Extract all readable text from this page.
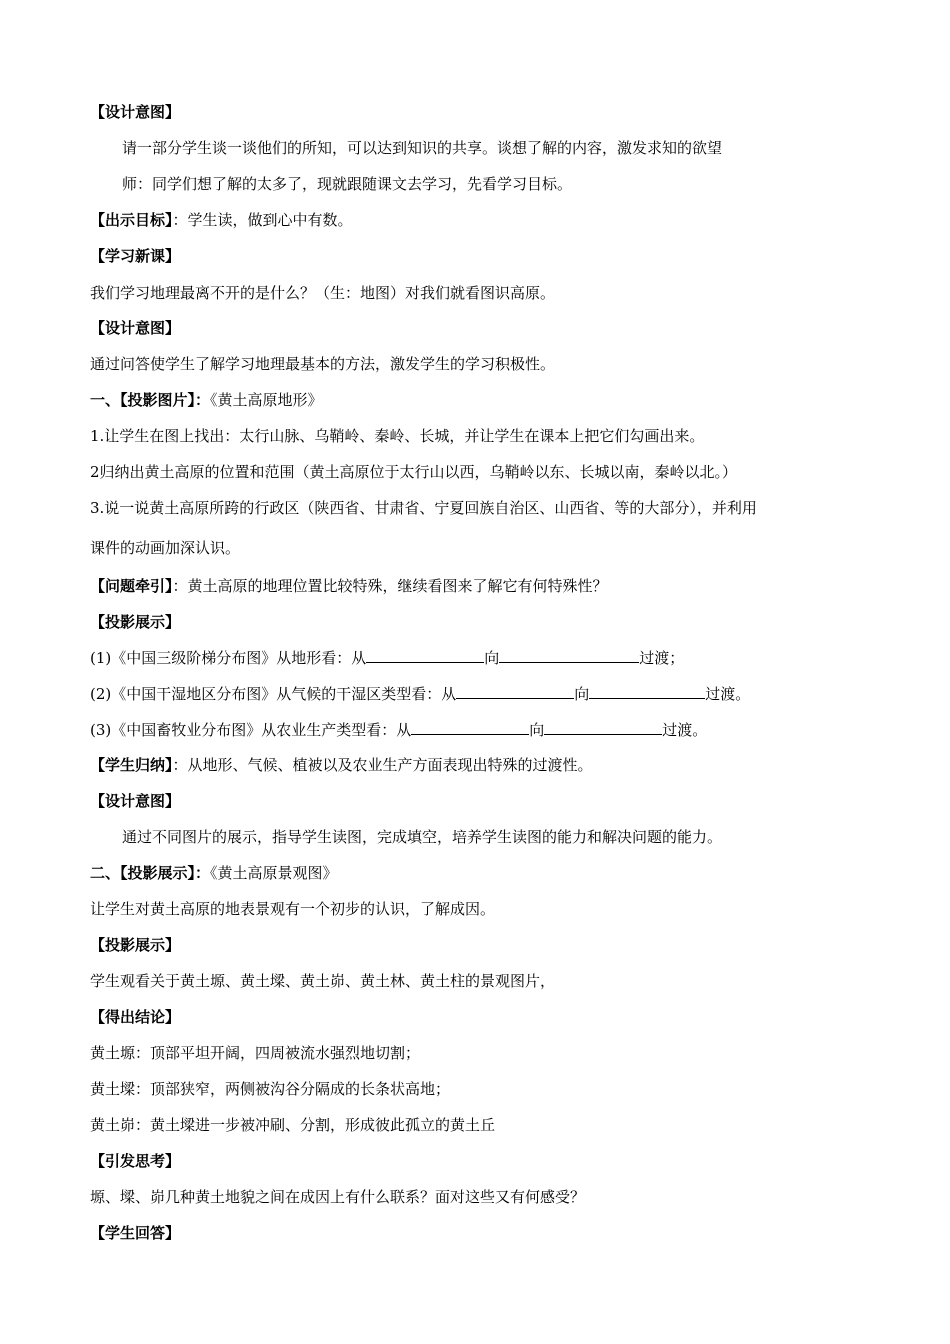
【设计意图】
请一部分学生谈一谈他们的所知，可以达到知识的共享。谈想了解的内容，激发求知的欲望
师：同学们想了解的太多了，现就跟随课文去学习，先看学习目标。
【出示目标】：学生读，做到心中有数。
【学习新课】
我们学习地理最离不开的是什么？（生：地图）对我们就看图识高原。
【设计意图】
通过问答使学生了解学习地理最基本的方法，激发学生的学习积极性。
一、【投影图片】：《黄土高原地形》
1.让学生在图上找出：太行山脉、乌鞘岭、秦岭、长城，并让学生在课本上把它们勾画出来。
2归纳出黄土高原的位置和范围（黄土高原位于太行山以西，乌鞘岭以东、长城以南，秦岭以北。）
3.说一说黄土高原所跨的行政区（陕西省、甘肃省、宁夏回族自治区、山西省、等的大部分），并利用
课件的动画加深认识。
【问题牵引】：黄土高原的地理位置比较特殊，继续看图来了解它有何特殊性？
【投影展示】
(1)《中国三级阶梯分布图》从地形看：从	向	过渡；
(2)《中国干湿地区分布图》从气候的干湿区类型看：从	向	过渡。
(3)《中国畜牧业分布图》从农业生产类型看：从	向	过渡。
【学生归纳】：从地形、气候、植被以及农业生产方面表现出特殊的过渡性。
【设计意图】
通过不同图片的展示，指导学生读图，完成填空，培养学生读图的能力和解决问题的能力。
二、【投影展示】：《黄土高原景观图》
让学生对黄土高原的地表景观有一个初步的认识，了解成因。
【投影展示】
学生观看关于黄土塬、黄土墚、黄土峁、黄土林、黄土柱的景观图片，
【得出结论】
黄土塬：顶部平坦开阔，四周被流水强烈地切割；
黄土墚：顶部狭窄，两侧被沟谷分隔成的长条状高地；
黄土峁：黄土墚进一步被冲刷、分割，形成彼此孤立的黄土丘
【引发思考】
塬、墚、峁几种黄土地貌之间在成因上有什么联系？面对这些又有何感受？
【学生回答】
